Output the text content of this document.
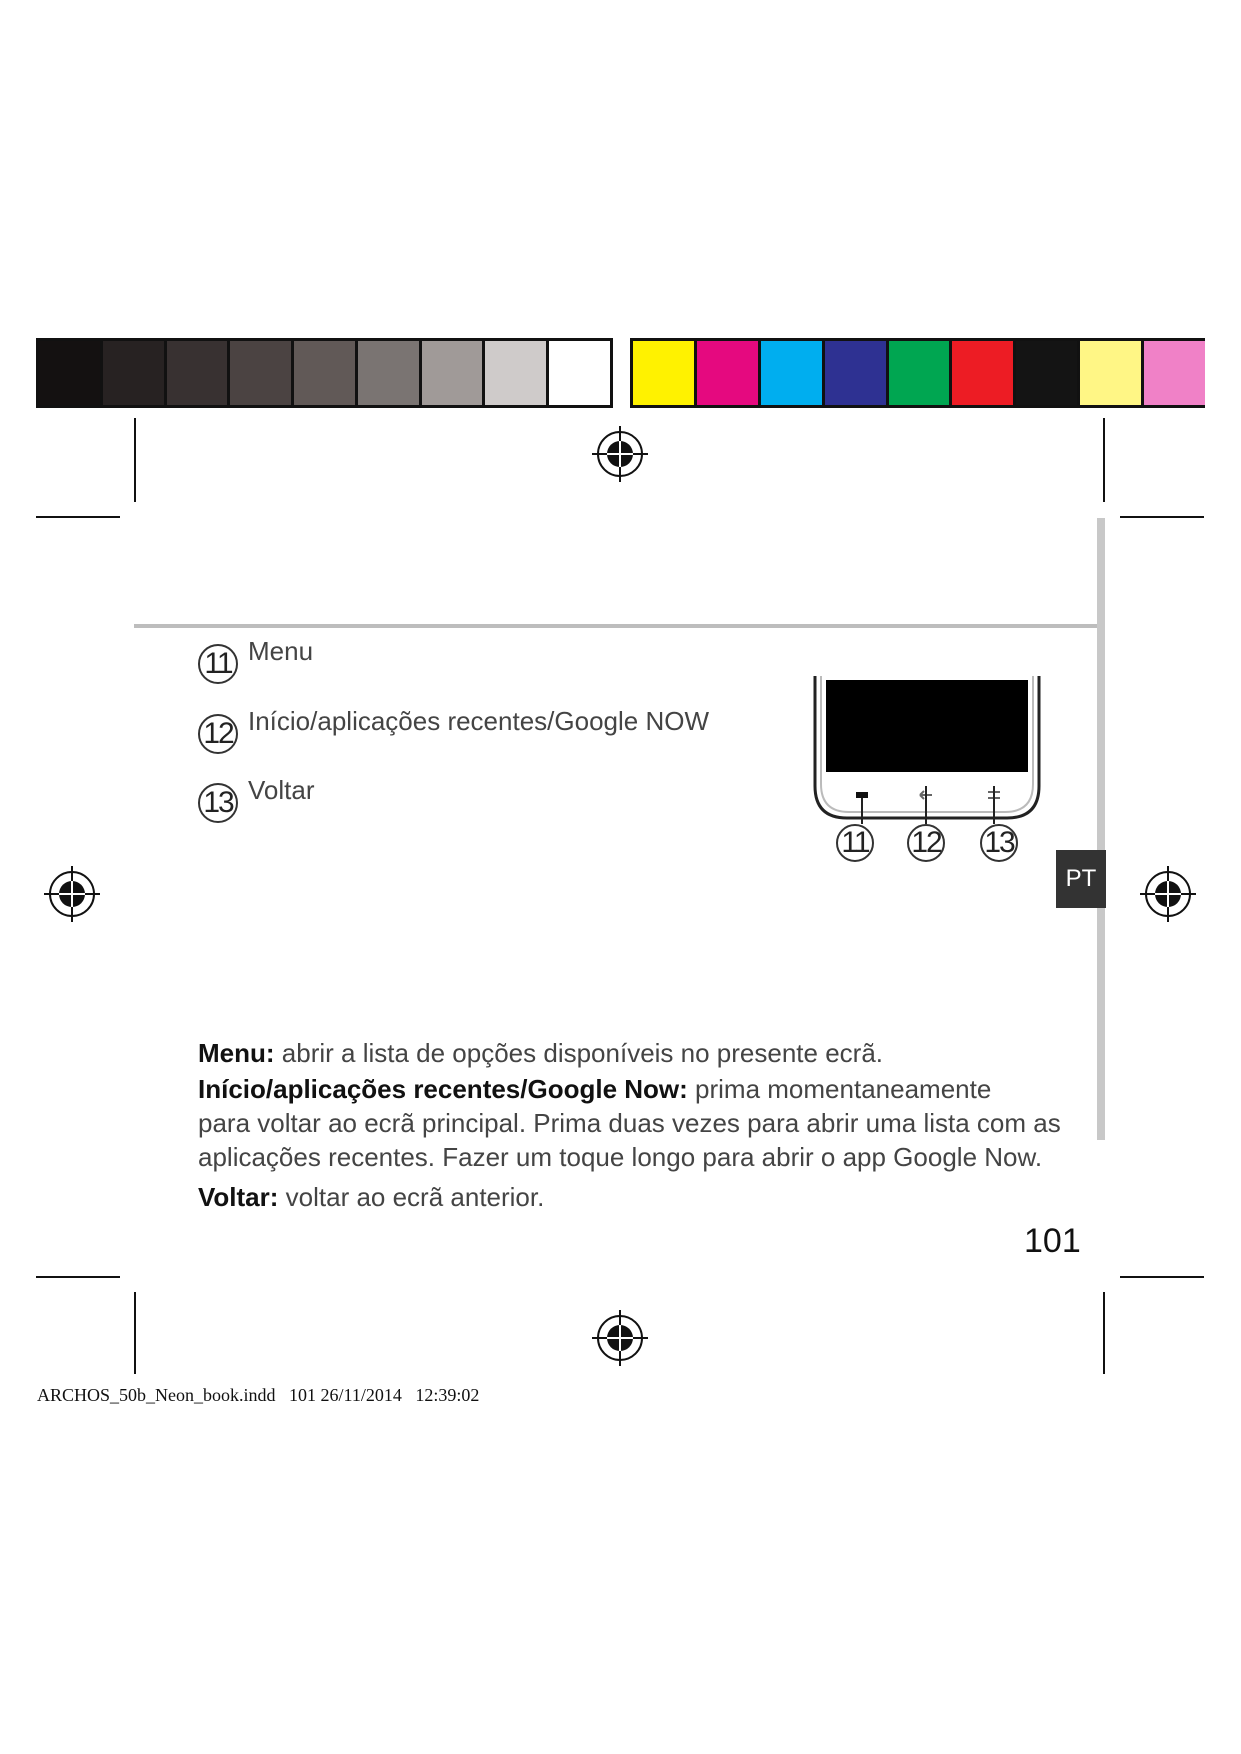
11 Menu
12 Início/aplicações recentes/Google NOW
13 Voltar
11 12 13
PT
Menu: abrir a lista de opções disponíveis no presente ecrã.
Início/aplicações recentes/Google Now: prima momentaneamente
para voltar ao ecrã principal. Prima duas vezes para abrir uma lista com as
aplicações recentes. Fazer um toque longo para abrir o app Google Now.
Voltar: voltar ao ecrã anterior.
101
ARCHOS_50b_Neon_book.indd   101 26/11/2014   12:39:02
